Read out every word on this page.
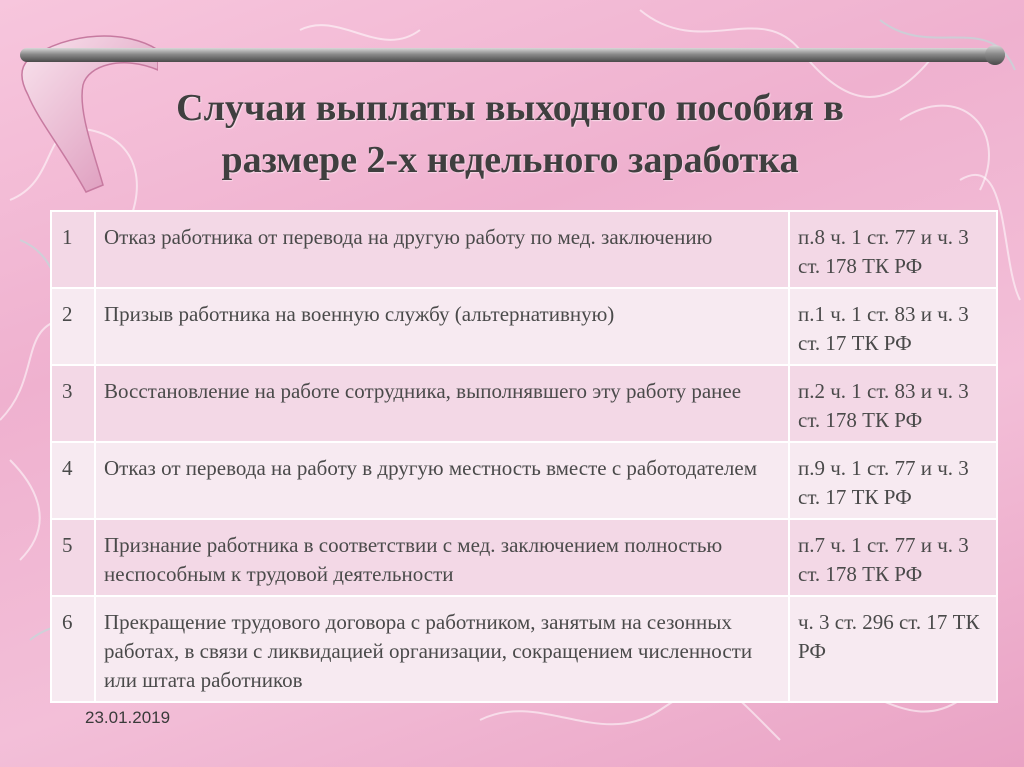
Случаи выплаты выходного пособия в
размере 2-х недельного заработка
1	Отказ работника от перевода на другую работу по мед. заключению	п.8 ч. 1 ст. 77 и ч. 3 ст. 178 ТК РФ
2	Призыв работника на военную службу (альтернативную)	п.1 ч. 1 ст. 83 и ч. 3 ст. 17 ТК РФ
3	Восстановление на работе сотрудника, выполнявшего эту работу ранее	п.2 ч. 1 ст. 83 и ч. 3 ст. 178 ТК РФ
4	Отказ от перевода на работу в другую местность вместе с работодателем	п.9 ч. 1 ст. 77 и ч. 3 ст. 17 ТК РФ
5	Признание работника в соответствии с мед. заключением полностью неспособным к трудовой деятельности	п.7 ч. 1 ст. 77 и ч. 3 ст. 178 ТК РФ
6	Прекращение трудового договора с работником, занятым на сезонных работах, в связи с ликвидацией организации, сокращением численности или штата работников	ч. 3 ст. 296 ст. 17 ТК РФ
23.01.2019
